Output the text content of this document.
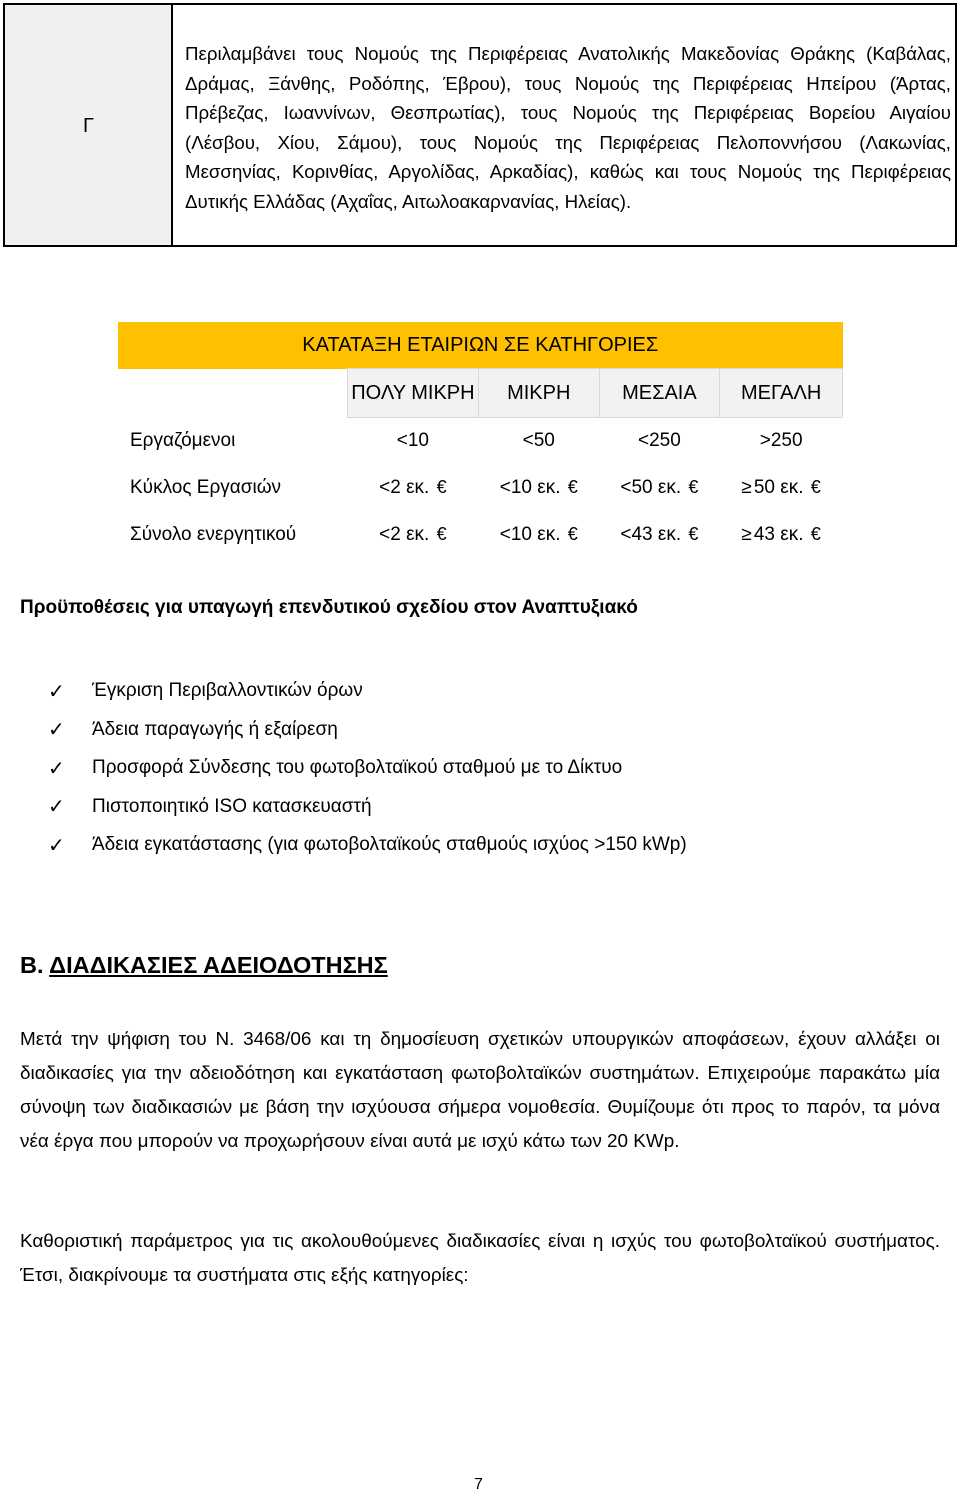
Γ
Περιλαμβάνει τους Νομούς της Περιφέρειας Ανατολικής Μακεδονίας Θράκης (Καβάλας, Δράμας, Ξάνθης, Ροδόπης, Έβρου), τους Νομούς της Περιφέρειας Ηπείρου (Άρτας, Πρέβεζας, Ιωαννίνων, Θεσπρωτίας), τους Νομούς της Περιφέρειας Βορείου Αιγαίου (Λέσβου, Χίου, Σάμου), τους Νομούς της Περιφέρειας Πελοποννήσου (Λακωνίας, Μεσσηνίας, Κορινθίας, Αργολίδας, Αρκαδίας), καθώς και τους Νομούς της Περιφέρειας Δυτικής Ελλάδας (Αχαΐας, Αιτωλοακαρνανίας, Ηλείας).
ΚΑΤΑΤΑΞΗ ΕΤΑΙΡΙΩΝ ΣΕ ΚΑΤΗΓΟΡΙΕΣ				
	ΠΟΛΥ ΜΙΚΡΗ	ΜΙΚΡΗ	ΜΕΣΑΙΑ	ΜΕΓΑΛΗ
Εργαζόμενοι	<10	<50	<250	>250
Κύκλος Εργασιών	<2 εκ. €	<10 εκ. €	<50 εκ. €	≥ 50 εκ. €
Σύνολο ενεργητικού	<2 εκ. €	<10 εκ. €	<43 εκ. €	≥ 43 εκ. €
Προϋποθέσεις για υπαγωγή επενδυτικού σχεδίου στον Αναπτυξιακό
✓	Έγκριση Περιβαλλοντικών όρων
✓	Άδεια παραγωγής ή εξαίρεση
✓	Προσφορά Σύνδεσης του φωτοβολταϊκού σταθμού με το Δίκτυο
✓	Πιστοποιητικό ISO κατασκευαστή
✓	Άδεια εγκατάστασης (για φωτοβολταϊκούς σταθμούς ισχύος >150 kWp)
Β. ΔΙΑΔΙΚΑΣΙΕΣ ΑΔΕΙΟΔΟΤΗΣΗΣ

Μετά την ψήφιση του Ν. 3468/06 και τη δημοσίευση σχετικών υπουργικών αποφάσεων, έχουν αλλάξει οι διαδικασίες για την αδειοδότηση και εγκατάσταση φωτοβολταϊκών συστημάτων. Επιχειρούμε παρακάτω μία σύνοψη των διαδικασιών με βάση την ισχύουσα σήμερα νομοθεσία. Θυμίζουμε ότι προς το παρόν, τα μόνα νέα έργα που μπορούν να προχωρήσουν είναι αυτά με ισχύ κάτω των 20 KWp.

Καθοριστική παράμετρος για τις ακολουθούμενες διαδικασίες είναι η ισχύς του φωτοβολταϊκού συστήματος. Έτσι, διακρίνουμε τα συστήματα στις εξής κατηγορίες:

7
